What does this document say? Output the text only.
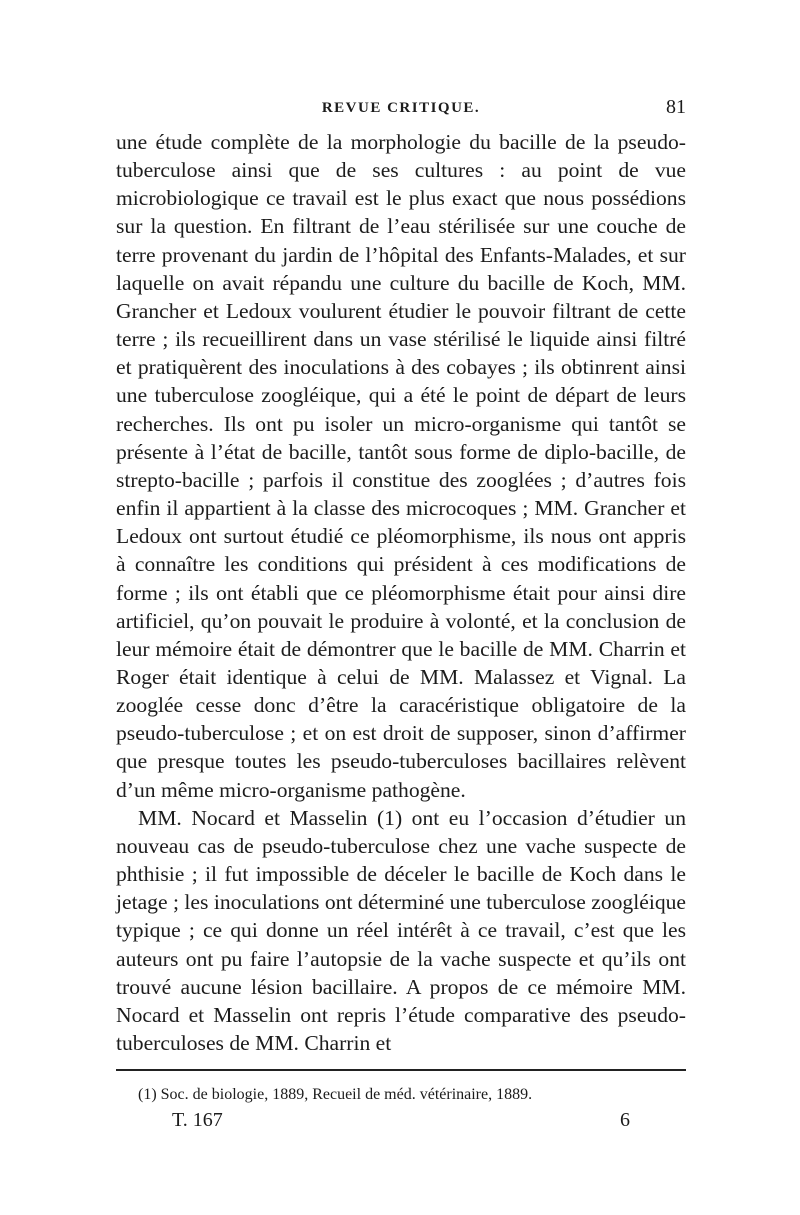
REVUE CRITIQUE.	81

une étude complète de la morphologie du bacille de la pseudo-tuberculose ainsi que de ses cultures : au point de vue microbiologique ce travail est le plus exact que nous possédions sur la question. En filtrant de l’eau stérilisée sur une couche de terre provenant du jardin de l’hôpital des Enfants-Malades, et sur laquelle on avait répandu une culture du bacille de Koch, MM. Grancher et Ledoux voulurent étudier le pouvoir filtrant de cette terre ; ils recueillirent dans un vase stérilisé le liquide ainsi filtré et pratiquèrent des inoculations à des cobayes ; ils obtinrent ainsi une tuberculose zoogléique, qui a été le point de départ de leurs recherches. Ils ont pu isoler un micro-organisme qui tantôt se présente à l’état de bacille, tantôt sous forme de diplo-bacille, de strepto-bacille ; parfois il constitue des zooglées ; d’autres fois enfin il appartient à la classe des microcoques ; MM. Grancher et Ledoux ont surtout étudié ce pléomorphisme, ils nous ont appris à connaître les conditions qui président à ces modifications de forme ; ils ont établi que ce pléomorphisme était pour ainsi dire artificiel, qu’on pouvait le produire à volonté, et la conclusion de leur mémoire était de démontrer que le bacille de MM. Charrin et Roger était identique à celui de MM. Malassez et Vignal. La zooglée cesse donc d’être la caracéristique obligatoire de la pseudo-tuberculose ; et on est droit de supposer, sinon d’affirmer que presque toutes les pseudo-tuberculoses bacillaires relèvent d’un même micro-organisme pathogène.

MM. Nocard et Masselin (1) ont eu l’occasion d’étudier un nouveau cas de pseudo-tuberculose chez une vache suspecte de phthisie ; il fut impossible de déceler le bacille de Koch dans le jetage ; les inoculations ont déterminé une tuberculose zoogléique typique ; ce qui donne un réel intérêt à ce travail, c’est que les auteurs ont pu faire l’autopsie de la vache suspecte et qu’ils ont trouvé aucune lésion bacillaire. A propos de ce mémoire MM. Nocard et Masselin ont repris l’étude comparative des pseudo-tuberculoses de MM. Charrin et

(1) Soc. de biologie, 1889, Recueil de méd. vétérinaire, 1889.
T. 167	6
